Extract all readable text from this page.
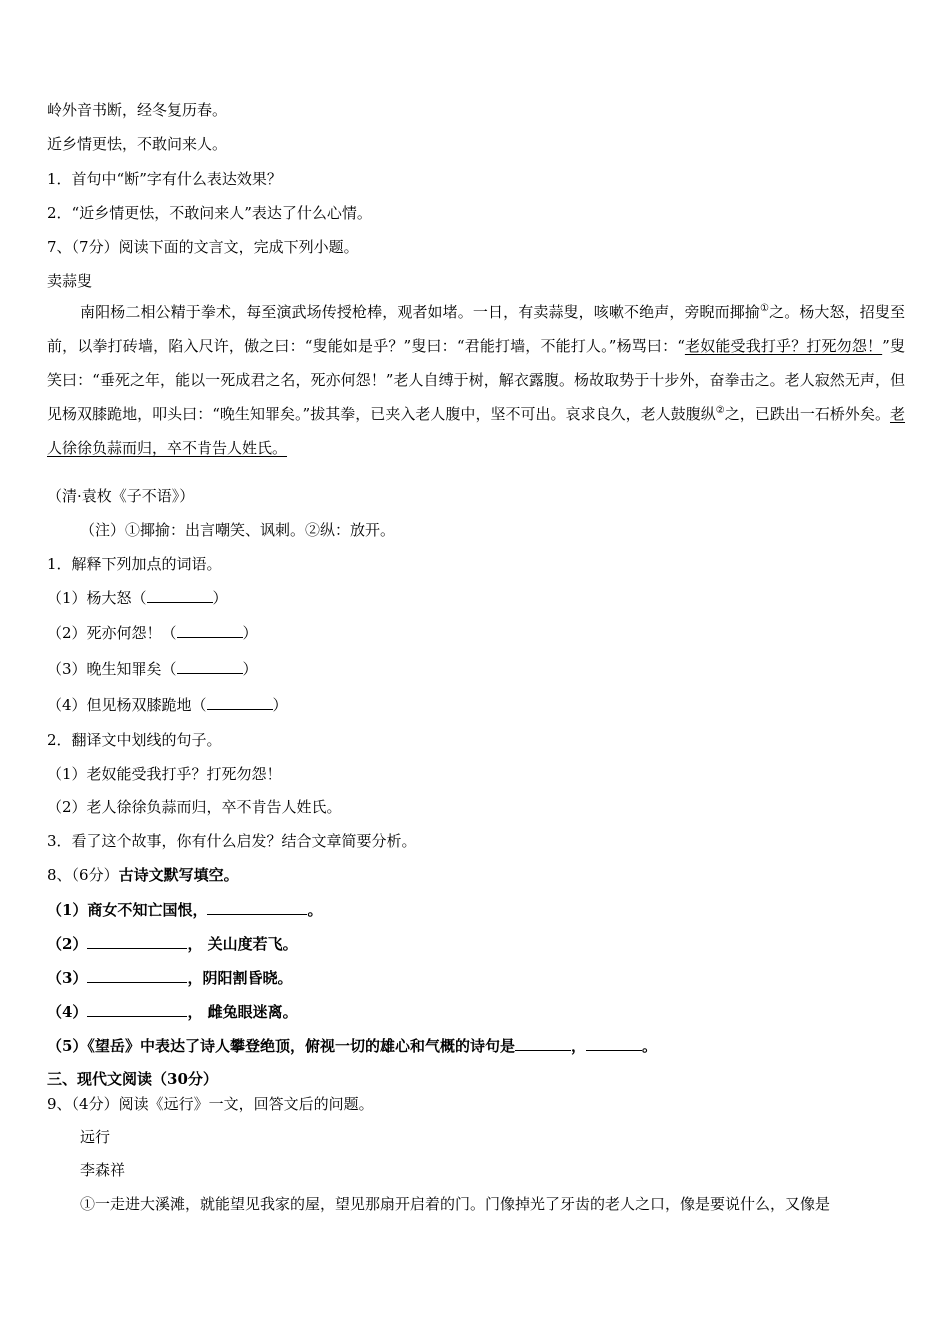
岭外音书断，经冬复历春。
近乡情更怯，不敢问来人。
1．首句中“断”字有什么表达效果？
2．“近乡情更怯，不敢问来人”表达了什么心情。
7、（7分）阅读下面的文言文，完成下列小题。
卖蒜叟
南阳杨二相公精于拳术，每至演武场传授枪棒，观者如堵。一日，有卖蒜叟，咳嗽不绝声，旁睨而揶揄①之。杨大怒，招叟至前，以拳打砖墙，陷入尺许，傲之曰：“叟能如是乎？”叟曰：“君能打墙，不能打人。”杨骂曰：“老奴能受我打乎？打死勿怨！”叟笑曰：“垂死之年，能以一死成君之名，死亦何怨！”老人自缚于树，解衣露腹。杨故取势于十步外，奋拳击之。老人寂然无声，但见杨双膝跪地，叩头曰：“晚生知罪矣。”拔其拳，已夹入老人腹中，坚不可出。哀求良久，老人鼓腹纵②之，已跌出一石桥外矣。老人徐徐负蒜而归，卒不肯告人姓氏。
（清·袁枚《子不语》）
（注）①揶揄：出言嘲笑、讽刺。②纵：放开。
1．解释下列加点的词语。
（1）杨大怒（	）
（2）死亦何怨！（	）
（3）晚生知罪矣（	）
（4）但见杨双膝跪地（	）
2．翻译文中划线的句子。
（1）老奴能受我打乎？打死勿怨！
（2）老人徐徐负蒜而归，卒不肯告人姓氏。
3．看了这个故事，你有什么启发？结合文章简要分析。
8、（6分）古诗文默写填空。
（1）商女不知亡国恨，	。
（2）	， 关山度若飞。
（3）	，阴阳割昏晓。
（4）	， 雌兔眼迷离。
（5）《望岳》中表达了诗人攀登绝顶，俯视一切的雄心和气概的诗句是	，	。
三、现代文阅读（30分）
9、（4分）阅读《远行》一文，回答文后的问题。
远行
李森祥
①一走进大溪滩，就能望见我家的屋，望见那扇开启着的门。门像掉光了牙齿的老人之口，像是要说什么，又像是
